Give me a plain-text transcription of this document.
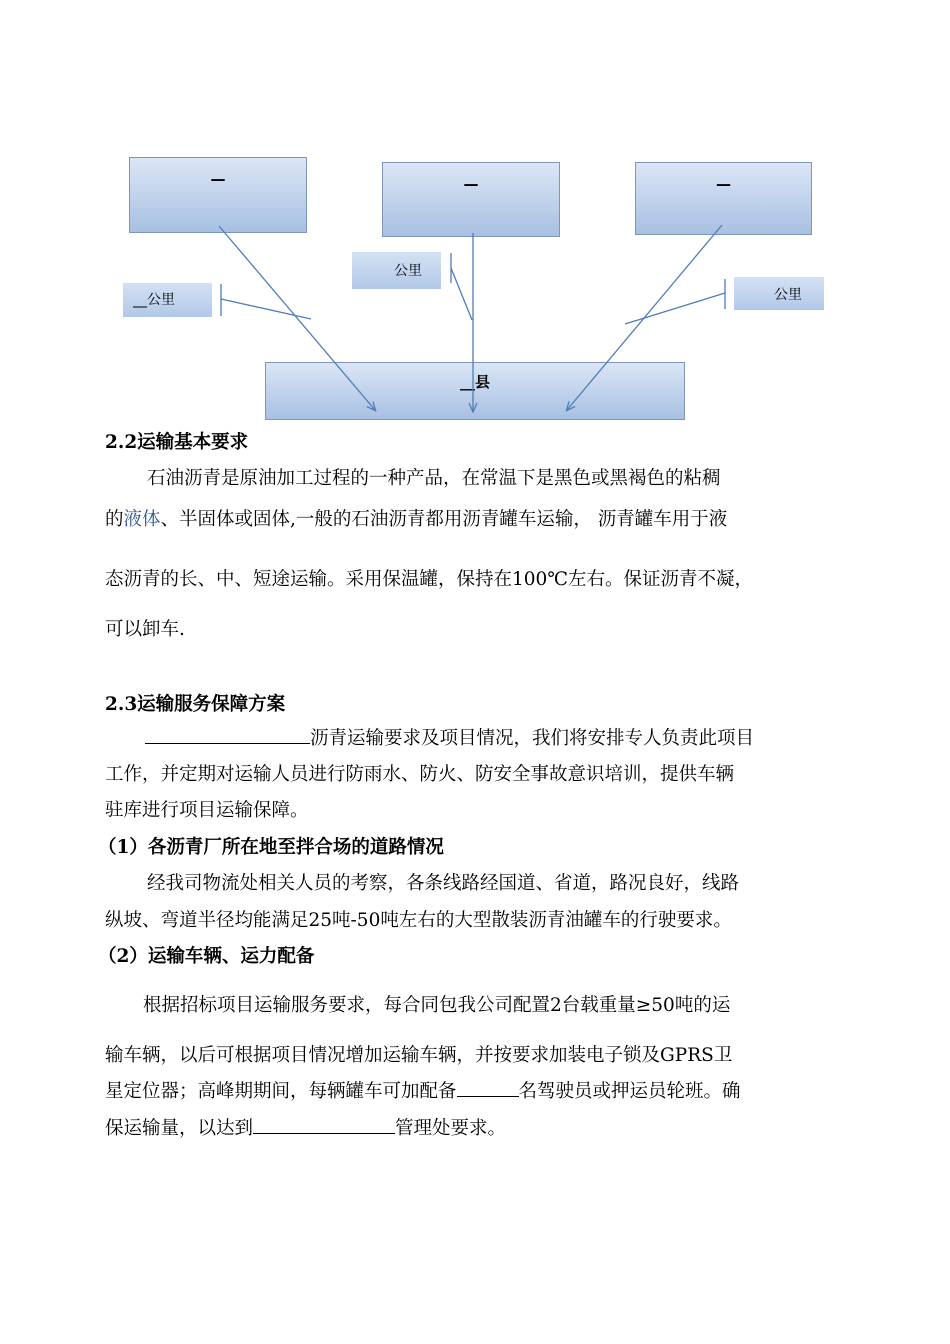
—	—	—
__公里
公里
公里
__县
2.2运输基本要求
石油沥青是原油加工过程的一种产品，在常温下是黑色或黑褐色的粘稠
的液体、半固体或固体,一般的石油沥青都用沥青罐车运输， 沥青罐车用于液
态沥青的长、中、短途运输。采用保温罐，保持在100℃左右。保证沥青不凝，
可以卸车.
2.3运输服务保障方案
沥青运输要求及项目情况，我们将安排专人负责此项目
工作，并定期对运输人员进行防雨水、防火、防安全事故意识培训，提供车辆
驻库进行项目运输保障。
（1）各沥青厂所在地至拌合场的道路情况
经我司物流处相关人员的考察，各条线路经国道、省道，路况良好，线路
纵坡、弯道半径均能满足25吨-50吨左右的大型散装沥青油罐车的行驶要求。
（2）运输车辆、运力配备
根据招标项目运输服务要求，每合同包我公司配置2台载重量≥50吨的运
输车辆，以后可根据项目情况增加运输车辆，并按要求加装电子锁及GPRS卫
星定位器；高峰期期间，每辆罐车可加配备	名驾驶员或押运员轮班。确
保运输量，以达到	管理处要求。
